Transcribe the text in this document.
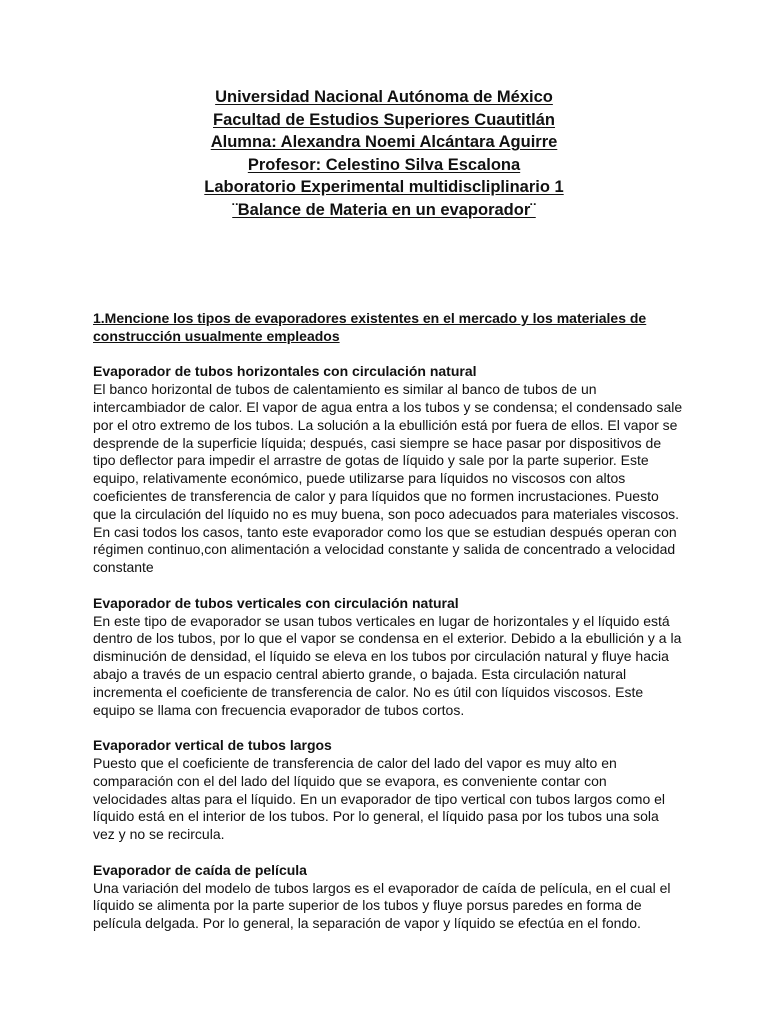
Universidad Nacional Autónoma de México
Facultad de Estudios Superiores Cuautitlán
Alumna: Alexandra Noemi Alcántara Aguirre
Profesor: Celestino Silva Escalona
Laboratorio Experimental multidiscliplinario 1
¨Balance de Materia en un evaporador¨
1.Mencione los tipos de evaporadores existentes en el mercado y los materiales de construcción usualmente empleados
Evaporador de tubos horizontales con circulación natural
El banco horizontal de tubos de calentamiento es similar al banco de tubos de un intercambiador de calor. El vapor de agua entra a los tubos y se condensa; el condensado sale por el otro extremo de los tubos. La solución a la ebullición está por fuera de ellos. El vapor se desprende de la superficie líquida; después, casi siempre se hace pasar por dispositivos de tipo deflector para impedir el arrastre de gotas de líquido y sale por la parte superior. Este equipo, relativamente económico, puede utilizarse para líquidos no viscosos con altos coeficientes de transferencia de calor y para líquidos que no formen incrustaciones. Puesto que la circulación del líquido no es muy buena, son poco adecuados para materiales viscosos. En casi todos los casos, tanto este evaporador como los que se estudian después operan con régimen continuo,con alimentación a velocidad constante y salida de concentrado a velocidad constante
Evaporador de tubos verticales con circulación natural
En este tipo de evaporador se usan tubos verticales en lugar de horizontales y el líquido está dentro de los tubos, por lo que el vapor se condensa en el exterior. Debido a la ebullición y a la disminución de densidad, el líquido se eleva en los tubos por circulación natural y fluye hacia abajo a través de un espacio central abierto grande, o bajada. Esta circulación natural incrementa el coeficiente de transferencia de calor. No es útil con líquidos viscosos. Este equipo se llama con frecuencia evaporador de tubos cortos.
Evaporador vertical de tubos largos
Puesto que el coeficiente de transferencia de calor del lado del vapor es muy alto en comparación con el del lado del líquido que se evapora, es conveniente contar con velocidades altas para el líquido. En un evaporador de tipo vertical con tubos largos como el líquido está en el interior de los tubos. Por lo general, el líquido pasa por los tubos una sola vez y no se recircula.
Evaporador de caída de película
Una variación del modelo de tubos largos es el evaporador de caída de película, en el cual el líquido se alimenta por la parte superior de los tubos y fluye porsus paredes en forma de película delgada. Por lo general, la separación de vapor y líquido se efectúa en el fondo.
